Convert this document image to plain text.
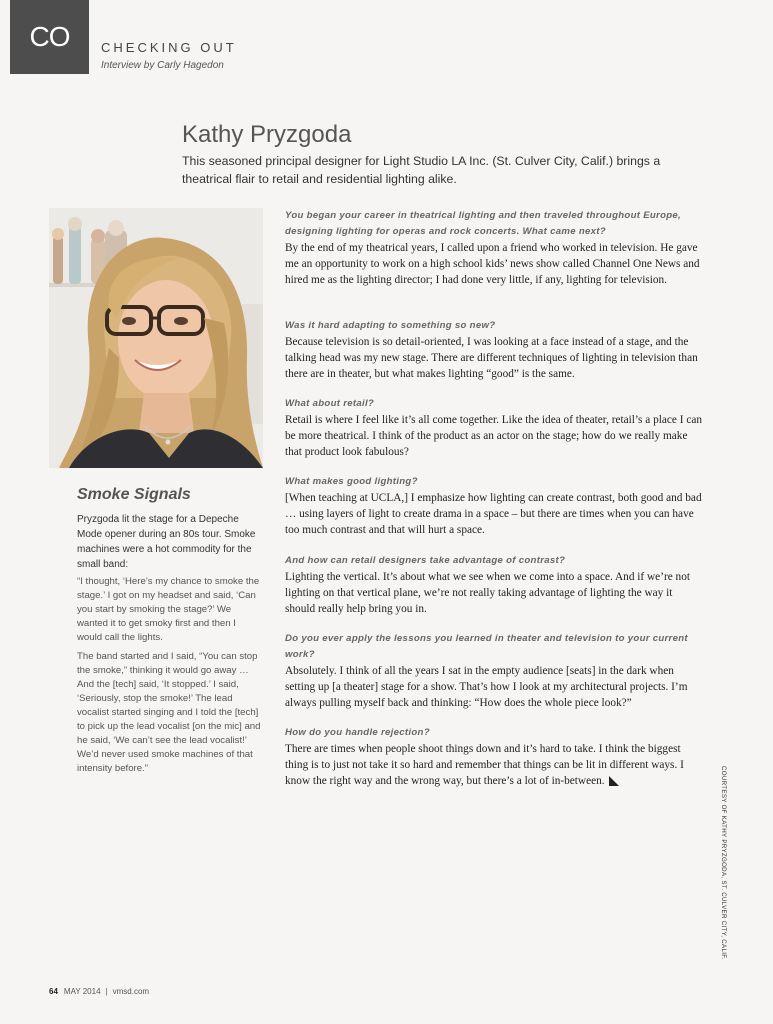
CO	CHECKING OUT
Interview by Carly Hagedon
Kathy Pryzgoda
This seasoned principal designer for Light Studio LA Inc. (St. Culver City, Calif.) brings a theatrical flair to retail and residential lighting alike.
Smoke Signals
Pryzgoda lit the stage for a Depeche Mode opener during an 80s tour. Smoke machines were a hot commodity for the small band:

“I thought, ‘Here’s my chance to smoke the stage.’ I got on my headset and said, ‘Can you start by smoking the stage?’ We wanted it to get smoky first and then I would call the lights.

The band started and I said, “You can stop the smoke,” thinking it would go away … And the [tech] said, ‘It stopped.’ I said, ‘Seriously, stop the smoke!’ The lead vocalist started singing and I told the [tech] to pick up the lead vocalist [on the mic] and he said, ‘We can’t see the lead vocalist!’ We’d never used smoke machines of that intensity before.”

You began your career in theatrical lighting and then traveled throughout Europe, designing lighting for operas and rock concerts. What came next?
By the end of my theatrical years, I called upon a friend who worked in television. He gave me an opportunity to work on a high school kids’ news show called Channel One News and hired me as the lighting director; I had done very little, if any, lighting for television.
Was it hard adapting to something so new?
Because television is so detail-oriented, I was looking at a face instead of a stage, and the talking head was my new stage. There are different techniques of lighting in television than there are in theater, but what makes lighting “good” is the same.
What about retail?
Retail is where I feel like it’s all come together. Like the idea of theater, retail’s a place I can be more theatrical. I think of the product as an actor on the stage; how do we really make that product look fabulous?
What makes good lighting?
[When teaching at UCLA,] I emphasize how lighting can create contrast, both good and bad … using layers of light to create drama in a space – but there are times when you can have too much contrast and that will hurt a space.
And how can retail designers take advantage of contrast?
Lighting the vertical. It’s about what we see when we come into a space. And if we’re not lighting on that vertical plane, we’re not really taking advantage of lighting the way it should really help bring you in.
Do you ever apply the lessons you learned in theater and television to your current work?
Absolutely. I think of all the years I sat in the empty audience [seats] in the dark when setting up [a theater] stage for a show. That’s how I look at my architectural projects. I’m always pulling myself back and thinking: “How does the whole piece look?”
How do you handle rejection?
There are times when people shoot things down and it’s hard to take. I think the biggest thing is to just not take it so hard and remember that things can be lit in different ways. I know the right way and the wrong way, but there’s a lot of in-between.	COURTESY OF KATHY PRYZGODA, ST. CULVER CITY, CALIF.
64 MAY 2014 | vmsd.com
